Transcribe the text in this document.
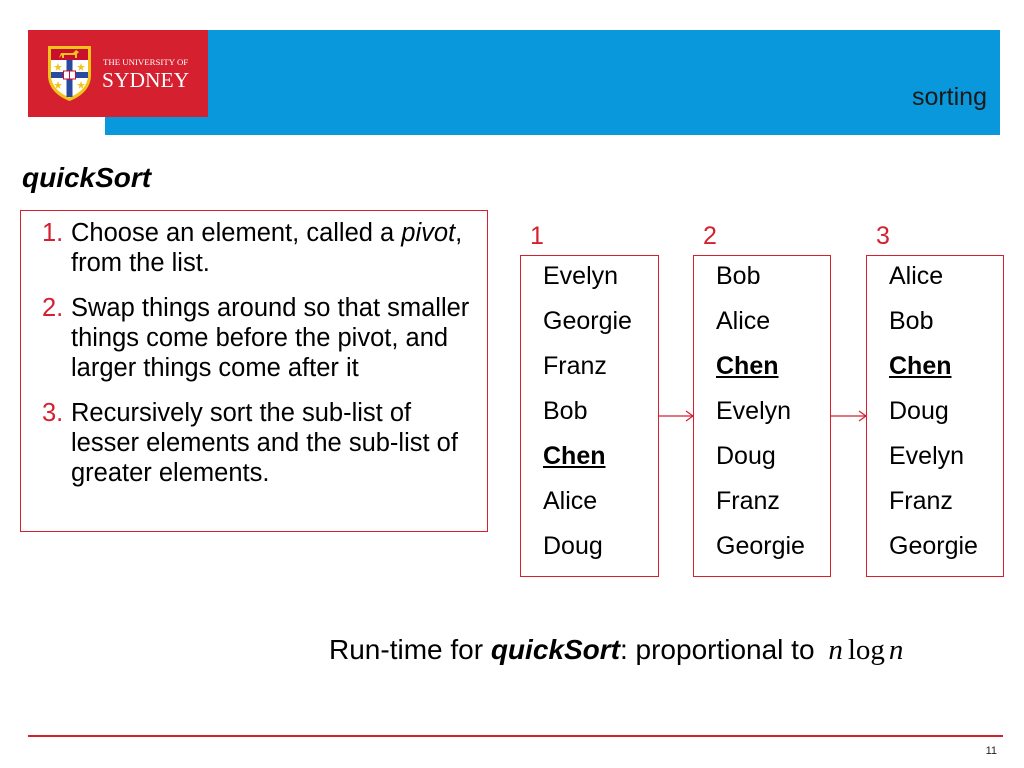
THE UNIVERSITY OF
SYDNEY
sorting
quickSort
1. Choose an element, called a pivot, from the list.
2. Swap things around so that smaller things come before the pivot, and larger things come after it
3. Recursively sort the sub-list of lesser elements and the sub-list of greater elements.
1	2	3
Evelyn
Georgie
Franz
Bob
Chen
Alice
Doug
Bob
Alice
Chen
Evelyn
Doug
Franz
Georgie
Alice
Bob
Chen
Doug
Evelyn
Franz
Georgie
Run-time for quickSort: proportional to n log n
11
